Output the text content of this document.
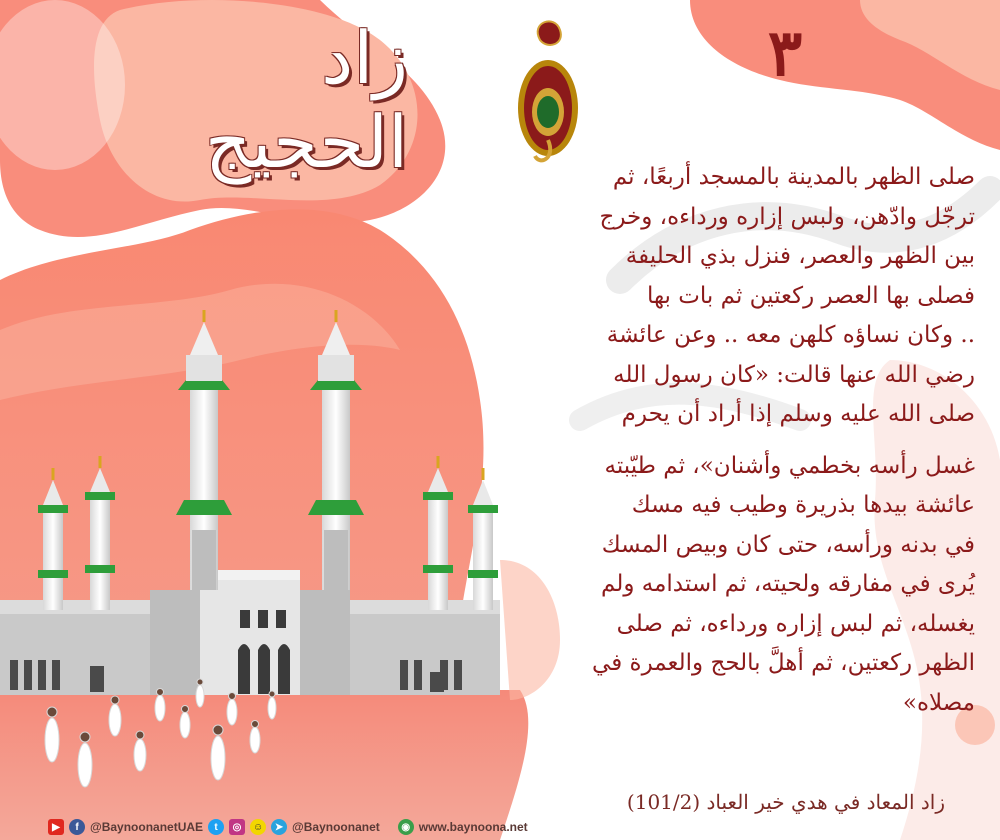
زاد الحجيج
٣

صلى الظهر بالمدينة بالمسجد أربعًا، ثم

ترجّل وادّهن، ولبس إزاره ورداءه، وخرج

بين الظهر والعصر، فنزل بذي الحليفة

فصلى بها العصر ركعتين ثم بات بها

.. وكان نساؤه كلهن معه .. وعن عائشة

رضي الله عنها قالت: «كان رسول الله

صلى الله عليه وسلم إذا أراد أن يحرم

غسل رأسه بخطمي وأشنان»، ثم طيّبته

عائشة بيدها بذريرة وطيب فيه مسك

في بدنه ورأسه، حتى كان وبيص المسك

يُرى في مفارقه ولحيته، ثم استدامه ولم

يغسله، ثم لبس إزاره ورداءه، ثم صلى

الظهر ركعتين، ثم أهلَّ بالحج والعمرة في

مصلاه»

زاد المعاد في هدي خير العباد (101/2)
▶	f @BaynoonanetUAE	t	◎	☺	➤ @Baynoonanet	◉ www.baynoona.net
